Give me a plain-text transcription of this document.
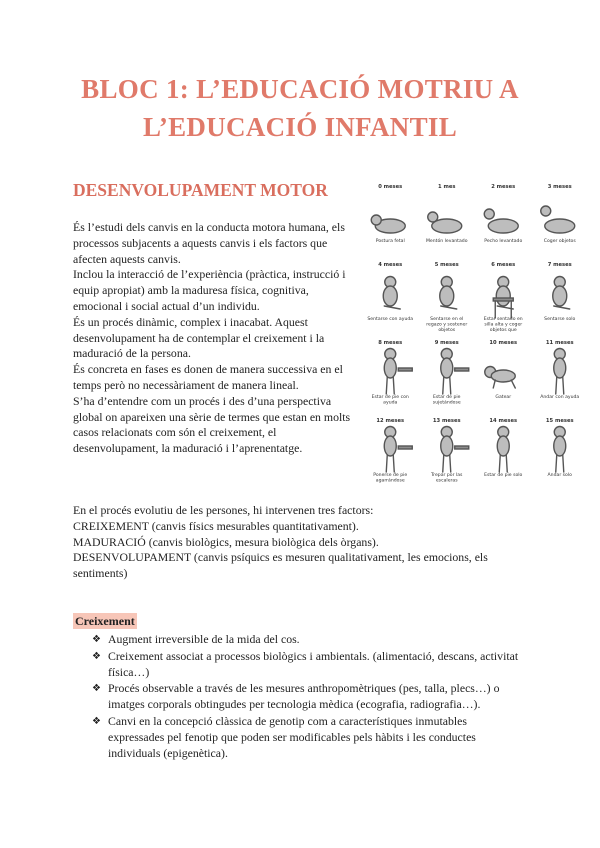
BLOC 1: L’EDUCACIÓ MOTRIU A
L’EDUCACIÓ INFANTIL
DESENVOLUPAMENT MOTOR

És l’estudi dels canvis en la conducta motora humana, els processos subjacents a aquests canvis i els factors que afecten aquests canvis.

Inclou la interacció de l’experiència (pràctica, instrucció i equip apropiat) amb la maduresa física, cognitiva, emocional i social actual d’un individu.

És un procés dinàmic, complex i inacabat. Aquest desenvolupament ha de contemplar el creixement i la maduració de la persona.

És concreta en fases es donen de manera successiva en el temps però no necessàriament de manera lineal.

S’ha d’entendre com un procés i des d’una perspectiva global on apareixen una sèrie de termes que estan en molts casos relacionats com són el creixement, el desenvolupament, la maduració i l’aprenentatge.

0 meses
Postura fetal
1 mes
Mentón levantado
2 meses
Pecho levantado
3 meses
Coger objetos
4 meses
Sentarse con ayuda
5 meses
Sentarse en el
regazo y sostener
objetos
6 meses
Estar sentado en
silla alta y coger
objetos que
7 meses
Sentarse solo
8 meses
Estar de pie con
ayuda
9 meses
Estar de pie
sujetándose
10 meses
Gatear
11 meses
Andar con ayuda
12 meses
Ponerse de pie
agarrándose
13 meses
Trepar por las
escaleras
14 meses
Estar de pie solo
15 meses
Andar solo

En el procés evolutiu de les persones, hi intervenen tres factors:

CREIXEMENT (canvis físics mesurables quantitativament).

MADURACIÓ (canvis biològics, mesura biològica dels òrgans).

DESENVOLUPAMENT (canvis psíquics es mesuren qualitativament, les emocions, els sentiments)

Creixement
❖ Augment irreversible de la mida del cos.
❖ Creixement associat a processos biològics i ambientals. (alimentació, descans, activitat física…)
❖ Procés observable a través de les mesures anthropomètriques (pes, talla, plecs…) o imatges corporals obtingudes per tecnologia mèdica (ecografia, radiografia…).
❖ Canvi en la concepció clàssica de genotip com a característiques inmutables expressades pel fenotip que poden ser modificables pels hàbits i les conductes individuals (epigenètica).
